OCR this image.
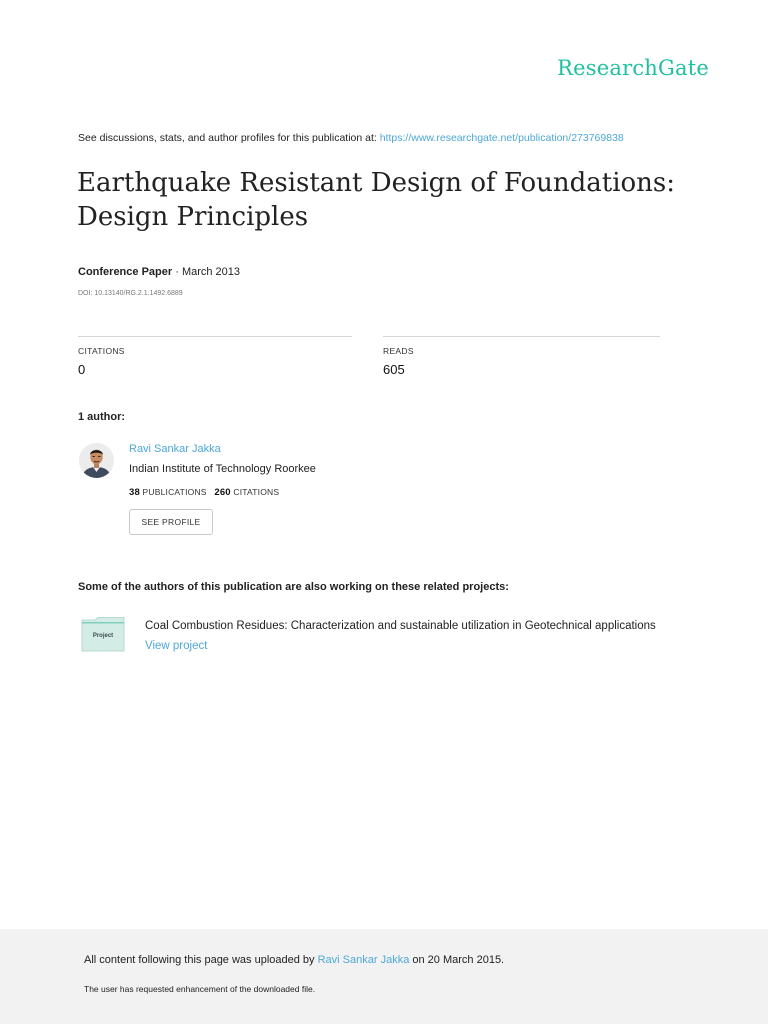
ResearchGate
See discussions, stats, and author profiles for this publication at: https://www.researchgate.net/publication/273769838
Earthquake Resistant Design of Foundations: Design Principles
Conference Paper · March 2013
DOI: 10.13140/RG.2.1.1492.6889
CITATIONS
0
READS
605
1 author:
Ravi Sankar Jakka
Indian Institute of Technology Roorkee
38 PUBLICATIONS 260 CITATIONS
SEE PROFILE
Some of the authors of this publication are also working on these related projects:
Project
Coal Combustion Residues: Characterization and sustainable utilization in Geotechnical applications
View project
All content following this page was uploaded by Ravi Sankar Jakka on 20 March 2015.
The user has requested enhancement of the downloaded file.
